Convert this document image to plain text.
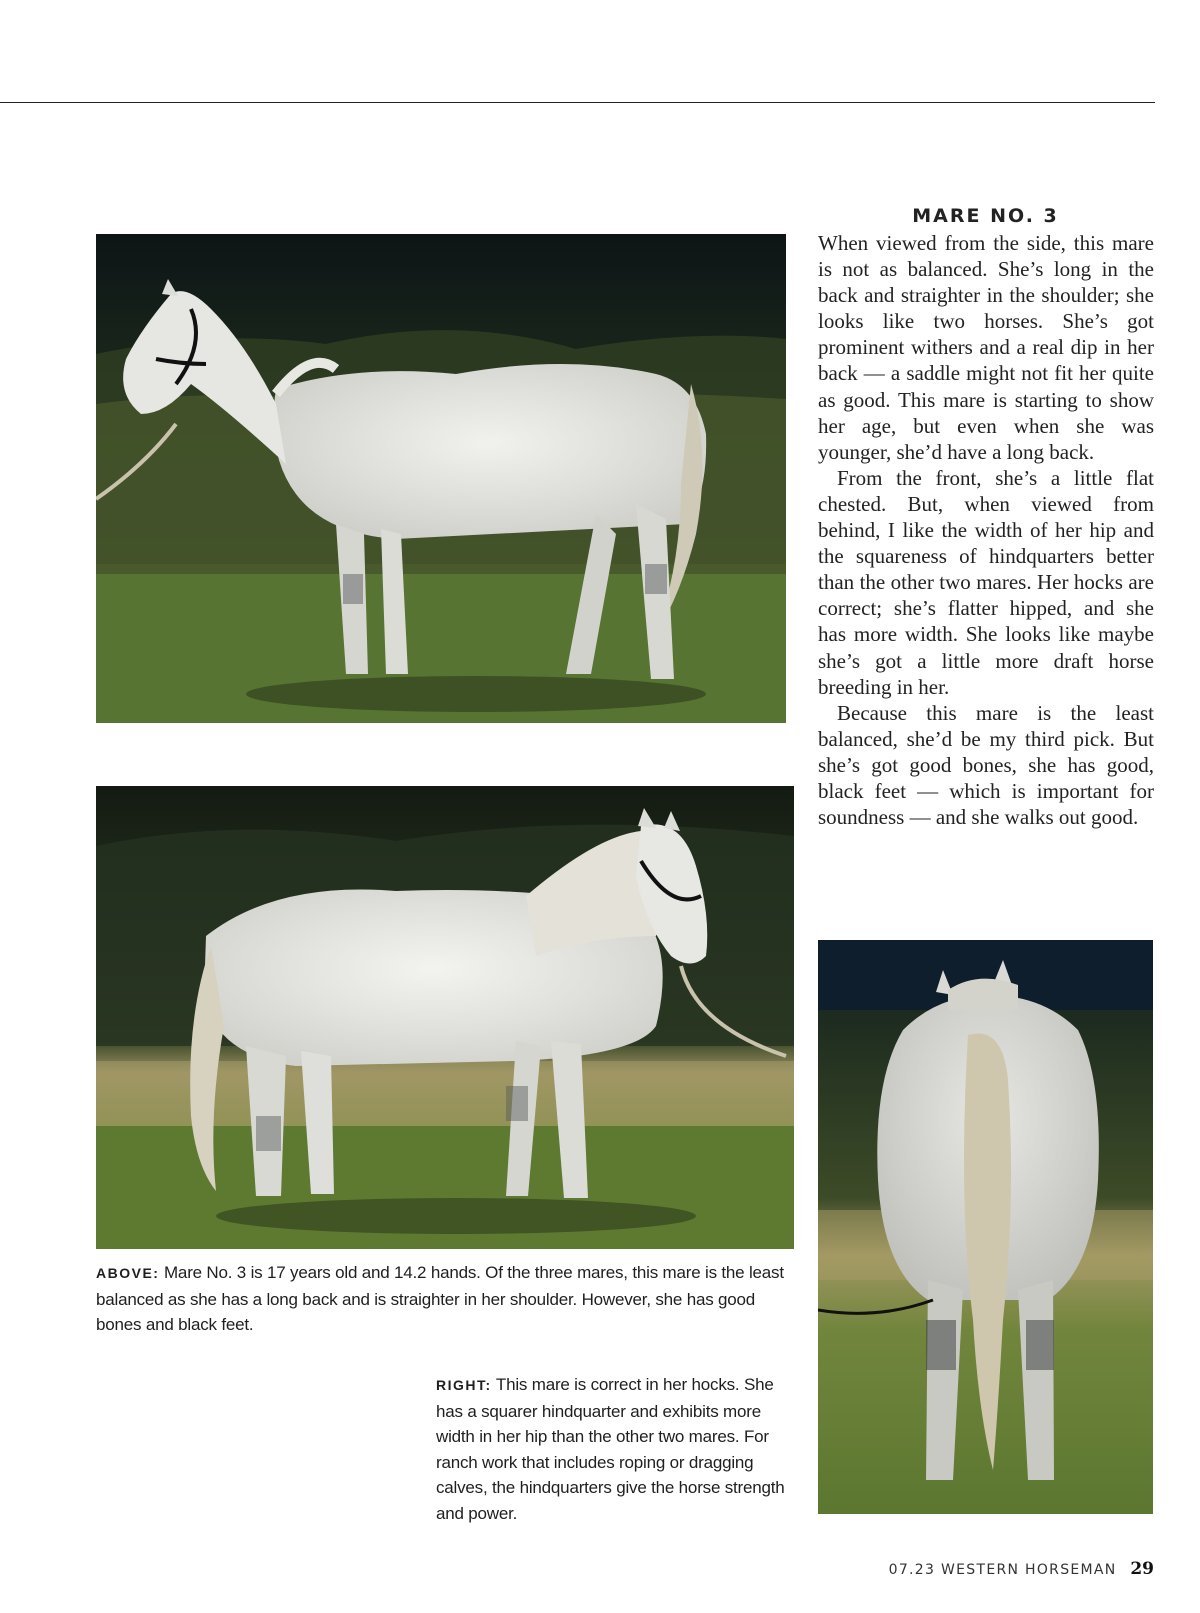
MARE NO. 3

When viewed from the side, this mare is not as balanced. She’s long in the back and straighter in the shoulder; she looks like two horses. She’s got prominent withers and a real dip in her back — a saddle might not fit her quite as good. This mare is starting to show her age, but even when she was younger, she’d have a long back.

From the front, she’s a little flat chested. But, when viewed from behind, I like the width of her hip and the squareness of hindquarters better than the other two mares. Her hocks are correct; she’s flatter hipped, and she has more width. She looks like maybe she’s got a little more draft horse breeding in her.

Because this mare is the least balanced, she’d be my third pick. But she’s got good bones, she has good, black feet — which is important for soundness — and she walks out good.

ABOVE: Mare No. 3 is 17 years old and 14.2 hands. Of the three mares, this mare is the least balanced as she has a long back and is straighter in her shoulder. However, she has good bones and black feet.
RIGHT: This mare is correct in her hocks. She has a squarer hindquarter and exhibits more width in her hip than the other two mares. For ranch work that includes roping or dragging calves, the hindquarters give the horse strength and power.
07.23 WESTERN HORSEMAN 29
